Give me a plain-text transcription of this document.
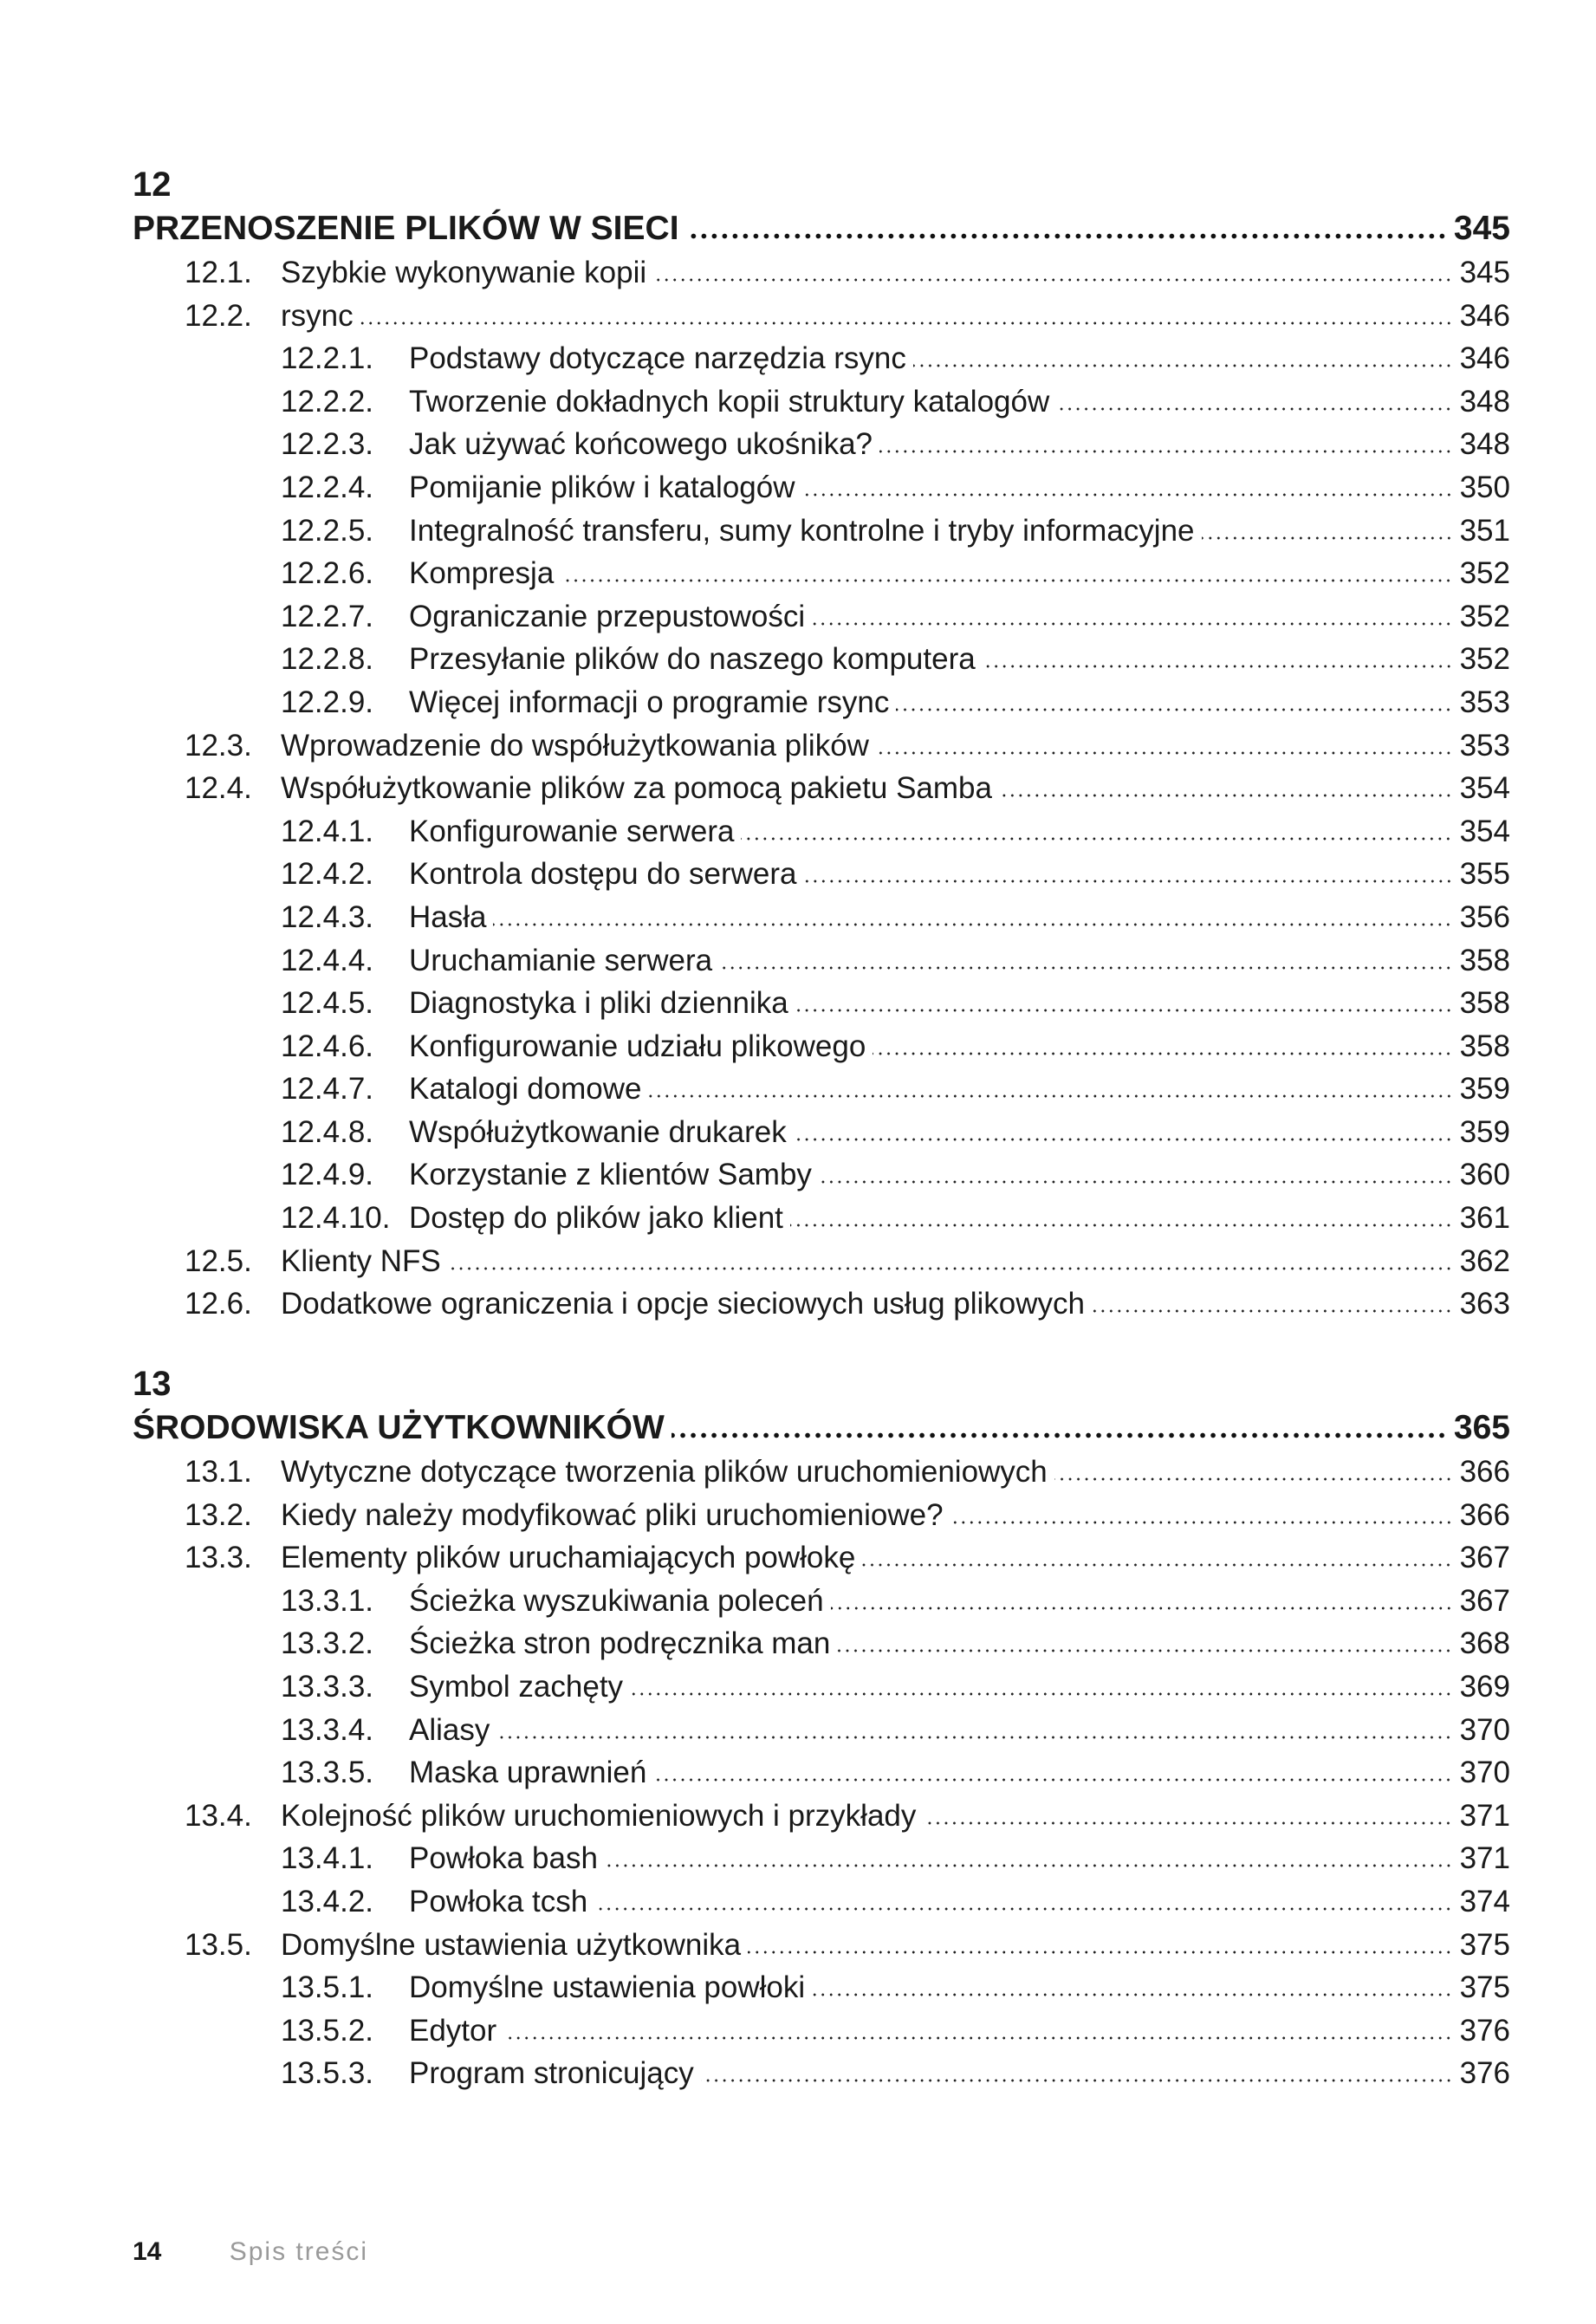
12
PRZENOSZENIE PLIKÓW W SIECI	345
12.1. Szybkie wykonywanie kopii	345
12.2. rsync	346
12.2.1.	Podstawy dotyczące narzędzia rsync	346
12.2.2.	Tworzenie dokładnych kopii struktury katalogów	348
12.2.3.	Jak używać końcowego ukośnika?	348
12.2.4.	Pomijanie plików i katalogów	350
12.2.5.	Integralność transferu, sumy kontrolne i tryby informacyjne	351
12.2.6.	Kompresja	352
12.2.7.	Ograniczanie przepustowości	352
12.2.8.	Przesyłanie plików do naszego komputera	352
12.2.9.	Więcej informacji o programie rsync	353
12.3. Wprowadzenie do współużytkowania plików	353
12.4. Współużytkowanie plików za pomocą pakietu Samba	354
12.4.1.	Konfigurowanie serwera	354
12.4.2.	Kontrola dostępu do serwera	355
12.4.3.	Hasła	356
12.4.4.	Uruchamianie serwera	358
12.4.5.	Diagnostyka i pliki dziennika	358
12.4.6.	Konfigurowanie udziału plikowego	358
12.4.7.	Katalogi domowe	359
12.4.8.	Współużytkowanie drukarek	359
12.4.9.	Korzystanie z klientów Samby	360
12.4.10. Dostęp do plików jako klient	361
12.5. Klienty NFS	362
12.6. Dodatkowe ograniczenia i opcje sieciowych usług plikowych	363
13
ŚRODOWISKA UŻYTKOWNIKÓW	365
13.1. Wytyczne dotyczące tworzenia plików uruchomieniowych	366
13.2. Kiedy należy modyfikować pliki uruchomieniowe?	366
13.3. Elementy plików uruchamiających powłokę	367
13.3.1.	Ścieżka wyszukiwania poleceń	367
13.3.2.	Ścieżka stron podręcznika man	368
13.3.3.	Symbol zachęty	369
13.3.4.	Aliasy	370
13.3.5.	Maska uprawnień	370
13.4. Kolejność plików uruchomieniowych i przykłady	371
13.4.1.	Powłoka bash	371
13.4.2.	Powłoka tcsh	374
13.5. Domyślne ustawienia użytkownika	375
13.5.1.	Domyślne ustawienia powłoki	375
13.5.2.	Edytor	376
13.5.3.	Program stronicujący	376
14	Spis treści
